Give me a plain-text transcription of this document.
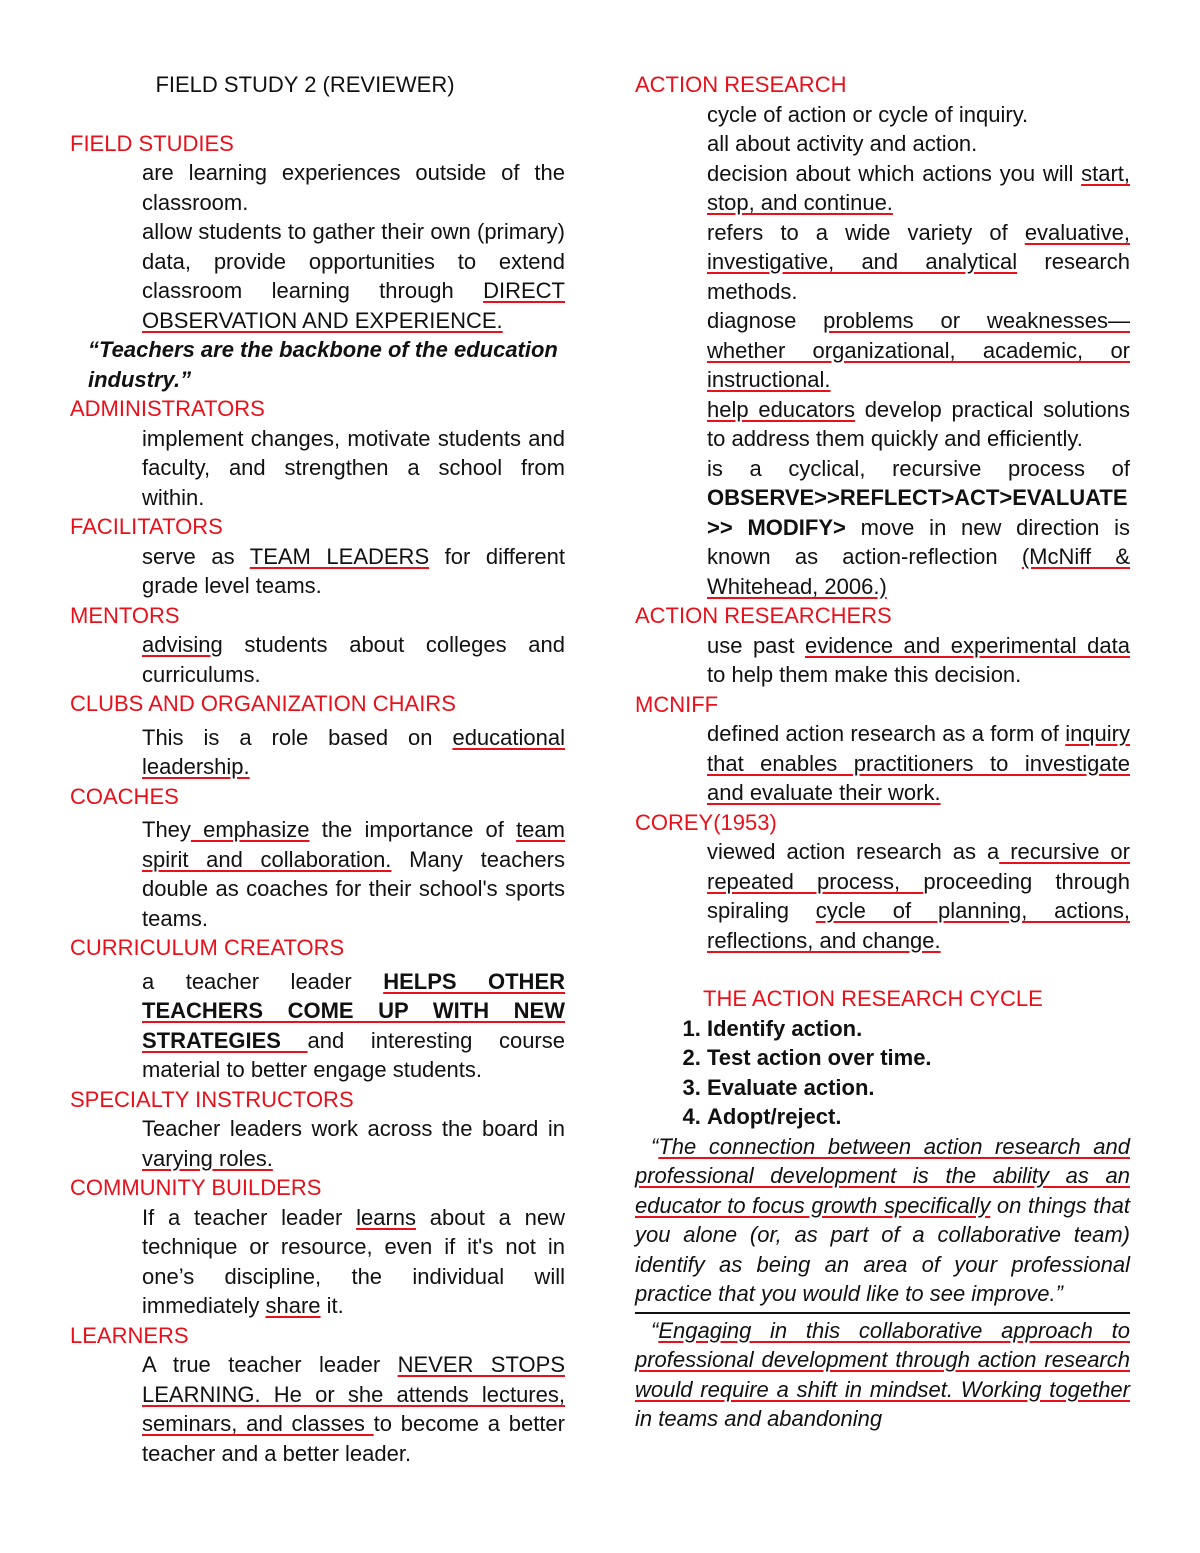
FIELD STUDY 2 (REVIEWER)
FIELD STUDIES
are learning experiences outside of the classroom.
allow students to gather their own (primary) data, provide opportunities to extend classroom learning through DIRECT OBSERVATION AND EXPERIENCE.
“Teachers are the backbone of the education industry.”
ADMINISTRATORS
implement changes, motivate students and faculty, and strengthen a school from within.
FACILITATORS
serve as TEAM LEADERS for different grade level teams.
MENTORS
advising students about colleges and curriculums.
CLUBS AND ORGANIZATION CHAIRS
This is a role based on educational leadership.
COACHES
They emphasize the importance of team spirit and collaboration. Many teachers double as coaches for their school's sports teams.
CURRICULUM CREATORS
a teacher leader HELPS OTHER TEACHERS COME UP WITH NEW STRATEGIES and interesting course material to better engage students.
SPECIALTY INSTRUCTORS
Teacher leaders work across the board in varying roles.
COMMUNITY BUILDERS
If a teacher leader learns about a new technique or resource, even if it's not in one’s discipline, the individual will immediately share it.
LEARNERS
A true teacher leader NEVER STOPS LEARNING. He or she attends lectures, seminars, and classes to become a better teacher and a better leader.
ACTION RESEARCH
cycle of action or cycle of inquiry.
all about activity and action.
decision about which actions you will start, stop, and continue.
refers to a wide variety of evaluative, investigative, and analytical research methods.
diagnose problems or weaknesses—whether organizational, academic, or instructional.
help educators develop practical solutions to address them quickly and efficiently.
is a cyclical, recursive process of OBSERVE>>REFLECT>ACT>EVALUATE>> MODIFY> move in new direction is known as action-reflection (McNiff & Whitehead, 2006.)
ACTION RESEARCHERS
use past evidence and experimental data to help them make this decision.
MCNIFF
defined action research as a form of inquiry that enables practitioners to investigate and evaluate their work.
COREY(1953)
viewed action research as a recursive or repeated process, proceeding through spiraling cycle of planning, actions, reflections, and change.
THE ACTION RESEARCH CYCLE
1. Identify action.
2. Test action over time.
3. Evaluate action.
4. Adopt/reject.
“The connection between action research and professional development is the ability as an educator to focus growth specifically on things that you alone (or, as part of a collaborative team) identify as being an area of your professional practice that you would like to see improve.”
“Engaging in this collaborative approach to professional development through action research would require a shift in mindset. Working together in teams and abandoning
